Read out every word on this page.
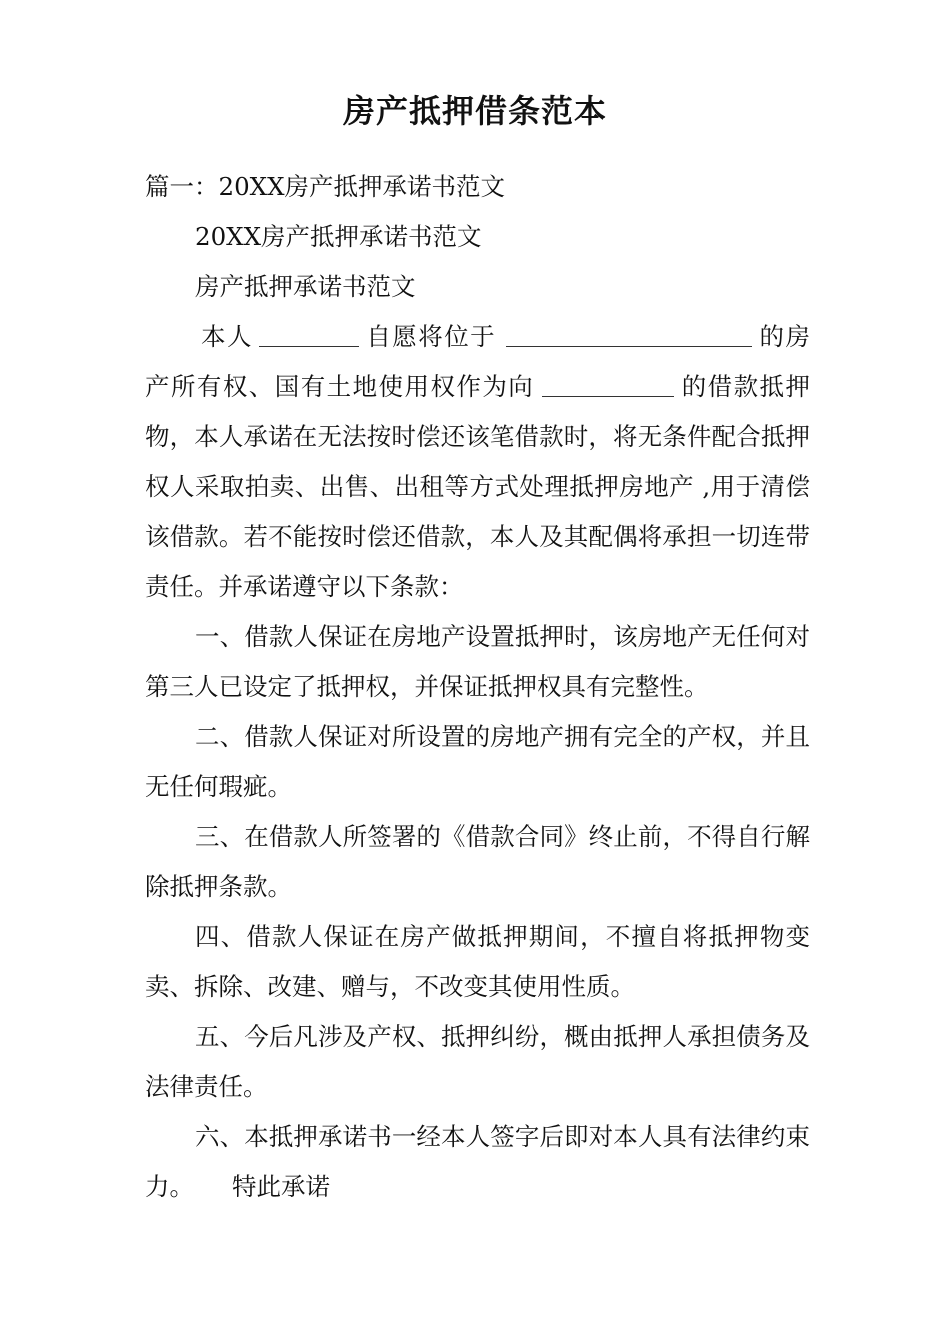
房产抵押借条范本

篇一：20XX房产抵押承诺书范文

20XX房产抵押承诺书范文

房产抵押承诺书范文

本人	自愿将位于	的房产所有权、国有土地使用权作为向	的借款抵押物，本人承诺在无法按时偿还该笔借款时，将无条件配合抵押权人采取拍卖、出售、出租等方式处理抵押房地产 ,用于清偿该借款。若不能按时偿还借款，本人及其配偶将承担一切连带责任。并承诺遵守以下条款：

一、借款人保证在房地产设置抵押时，该房地产无任何对第三人已设定了抵押权，并保证抵押权具有完整性。

二、借款人保证对所设置的房地产拥有完全的产权，并且无任何瑕疵。

三、在借款人所签署的《借款合同》终止前，不得自行解除抵押条款。

四、借款人保证在房产做抵押期间，不擅自将抵押物变卖、拆除、改建、赠与，不改变其使用性质。

五、今后凡涉及产权、抵押纠纷，概由抵押人承担债务及法律责任。

六、本抵押承诺书一经本人签字后即对本人具有法律约束力。 特此承诺
